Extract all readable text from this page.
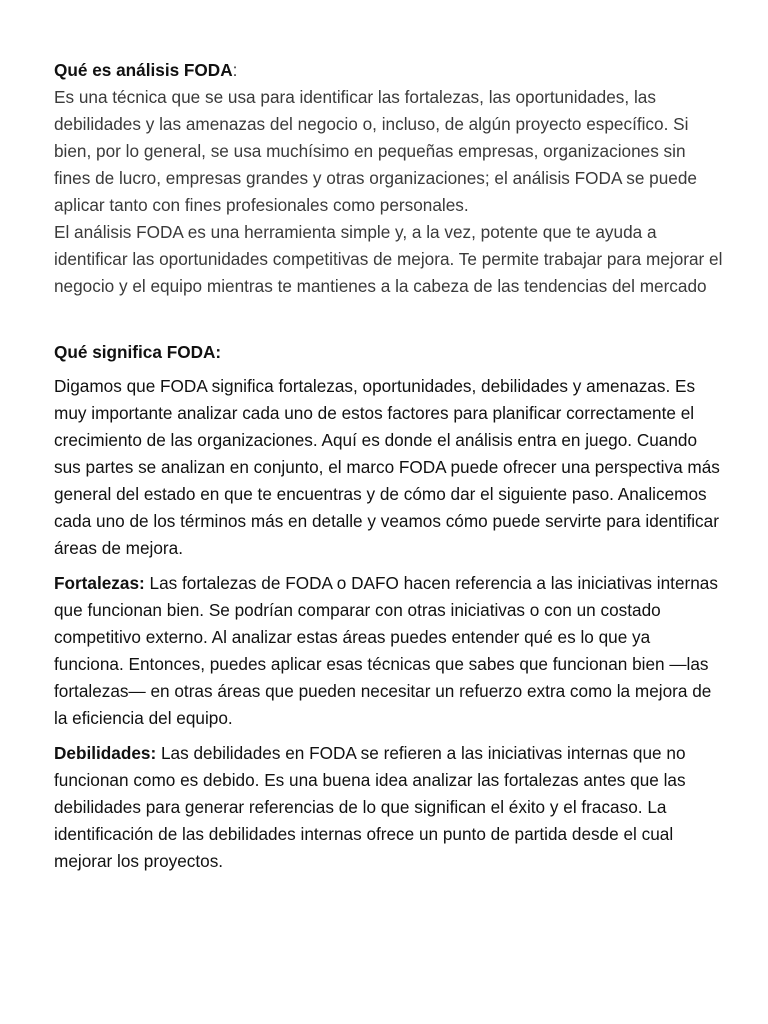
Qué es análisis FODA:
Es una técnica que se usa para identificar las fortalezas, las oportunidades, las debilidades y las amenazas del negocio o, incluso, de algún proyecto específico. Si bien, por lo general, se usa muchísimo en pequeñas empresas, organizaciones sin fines de lucro, empresas grandes y otras organizaciones; el análisis FODA se puede aplicar tanto con fines profesionales como personales.
El análisis FODA es una herramienta simple y, a la vez, potente que te ayuda a identificar las oportunidades competitivas de mejora. Te permite trabajar para mejorar el negocio y el equipo mientras te mantienes a la cabeza de las tendencias del mercado

Qué significa FODA:

Digamos que FODA significa fortalezas, oportunidades, debilidades y amenazas. Es muy importante analizar cada uno de estos factores para planificar correctamente el crecimiento de las organizaciones. Aquí es donde el análisis entra en juego. Cuando sus partes se analizan en conjunto, el marco FODA puede ofrecer una perspectiva más general del estado en que te encuentras y de cómo dar el siguiente paso. Analicemos cada uno de los términos más en detalle y veamos cómo puede servirte para identificar áreas de mejora.

Fortalezas: Las fortalezas de FODA o DAFO hacen referencia a las iniciativas internas que funcionan bien. Se podrían comparar con otras iniciativas o con un costado competitivo externo. Al analizar estas áreas puedes entender qué es lo que ya funciona. Entonces, puedes aplicar esas técnicas que sabes que funcionan bien —las fortalezas— en otras áreas que pueden necesitar un refuerzo extra como la mejora de la eficiencia del equipo.

Debilidades: Las debilidades en FODA se refieren a las iniciativas internas que no funcionan como es debido. Es una buena idea analizar las fortalezas antes que las debilidades para generar referencias de lo que significan el éxito y el fracaso. La identificación de las debilidades internas ofrece un punto de partida desde el cual mejorar los proyectos.
